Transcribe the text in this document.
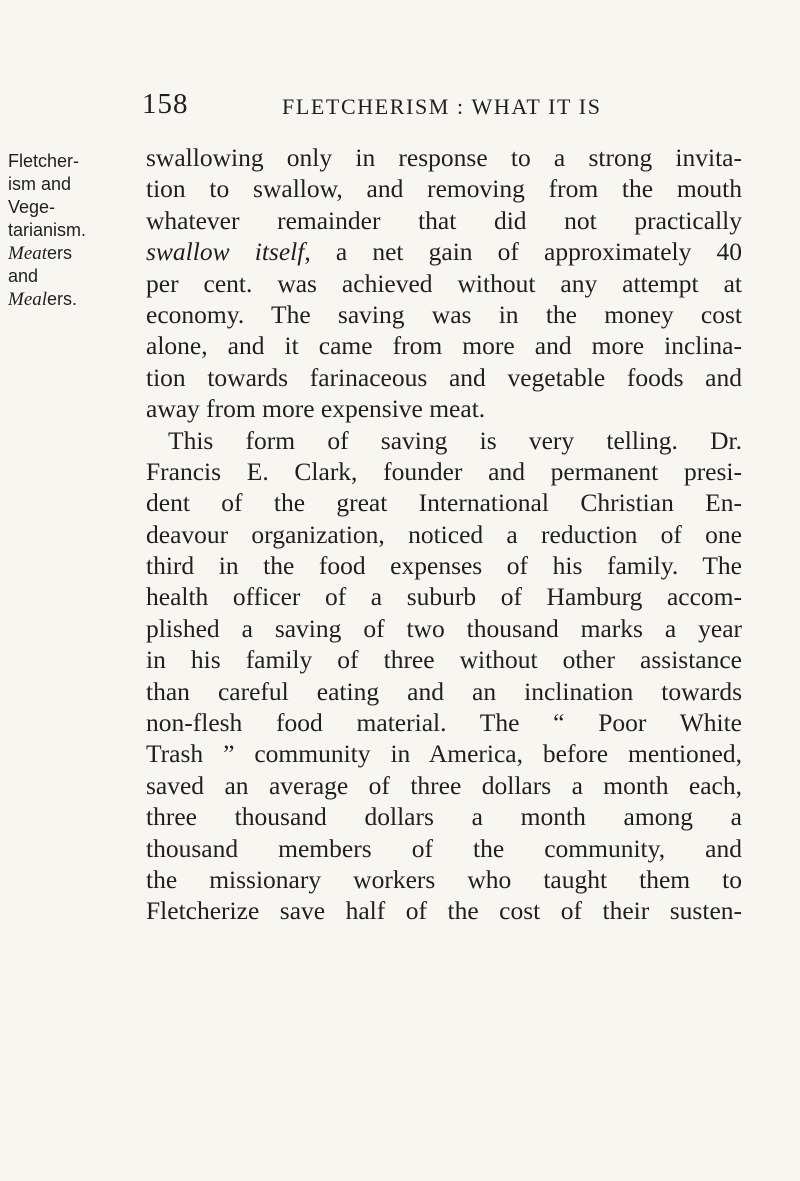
158	FLETCHERISM : WHAT IT IS
Fletcher-
ism and
Vege-
tarianism.
Meaters
and
Mealers.
swallowing only in response to a strong invita-
tion to swallow, and removing from the mouth
whatever remainder that did not practically
swallow itself, a net gain of approximately 40
per cent. was achieved without any attempt at
economy. The saving was in the money cost
alone, and it came from more and more inclina-
tion towards farinaceous and vegetable foods and
away from more expensive meat.
This form of saving is very telling. Dr.
Francis E. Clark, founder and permanent presi-
dent of the great International Christian En-
deavour organization, noticed a reduction of one
third in the food expenses of his family. The
health officer of a suburb of Hamburg accom-
plished a saving of two thousand marks a year
in his family of three without other assistance
than careful eating and an inclination towards
non-flesh food material. The “ Poor White
Trash ” community in America, before mentioned,
saved an average of three dollars a month each,
three thousand dollars a month among a
thousand members of the community, and
the missionary workers who taught them to
Fletcherize save half of the cost of their susten-
